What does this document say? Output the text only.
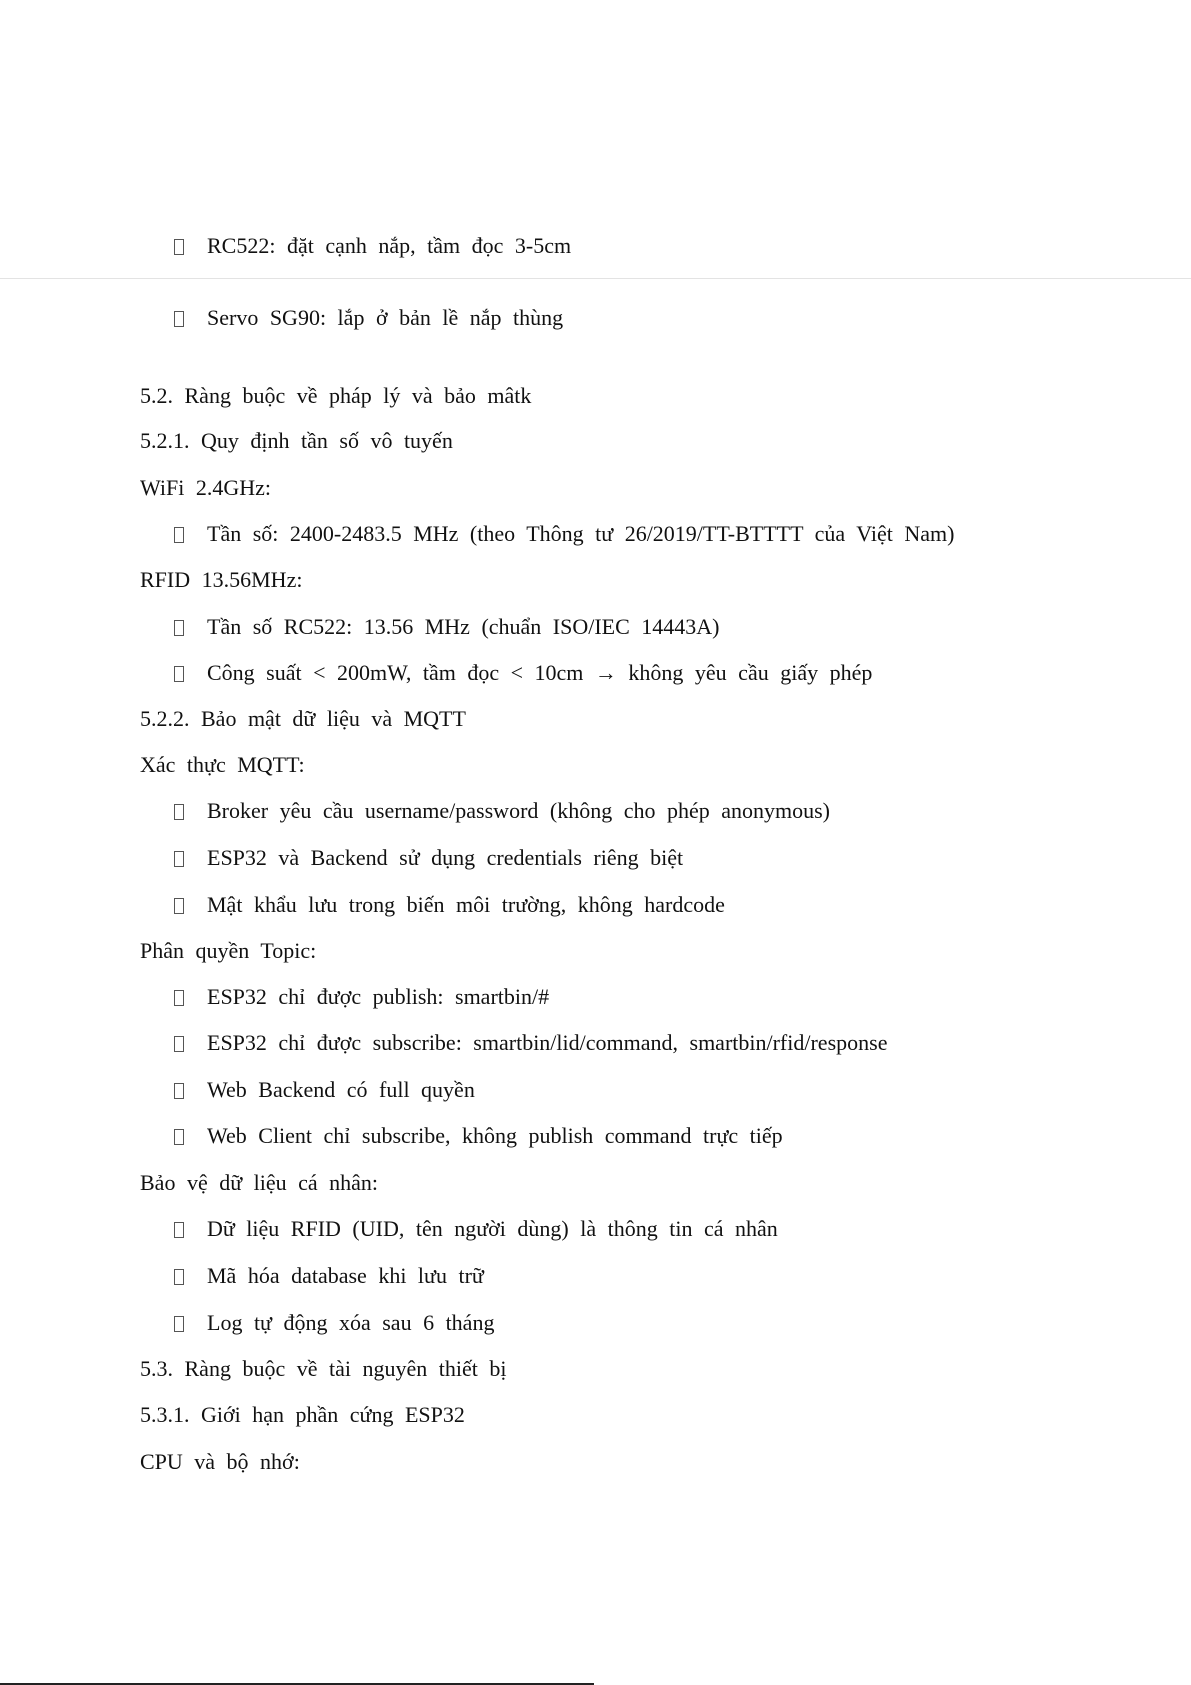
RC522: đặt cạnh nắp, tầm đọc 3-5cm
Servo SG90: lắp ở bản lề nắp thùng
5.2. Ràng buộc về pháp lý và bảo mâtk
5.2.1. Quy định tần số vô tuyến
WiFi 2.4GHz:
Tần số: 2400-2483.5 MHz (theo Thông tư 26/2019/TT-BTTTT của Việt Nam)
RFID 13.56MHz:
Tần số RC522: 13.56 MHz (chuẩn ISO/IEC 14443A)
Công suất < 200mW, tầm đọc < 10cm → không yêu cầu giấy phép
5.2.2. Bảo mật dữ liệu và MQTT
Xác thực MQTT:
Broker yêu cầu username/password (không cho phép anonymous)
ESP32 và Backend sử dụng credentials riêng biệt
Mật khẩu lưu trong biến môi trường, không hardcode
Phân quyền Topic:
ESP32 chỉ được publish: smartbin/#
ESP32 chỉ được subscribe: smartbin/lid/command, smartbin/rfid/response
Web Backend có full quyền
Web Client chỉ subscribe, không publish command trực tiếp
Bảo vệ dữ liệu cá nhân:
Dữ liệu RFID (UID, tên người dùng) là thông tin cá nhân
Mã hóa database khi lưu trữ
Log tự động xóa sau 6 tháng
5.3. Ràng buộc về tài nguyên thiết bị
5.3.1. Giới hạn phần cứng ESP32
CPU và bộ nhớ:
